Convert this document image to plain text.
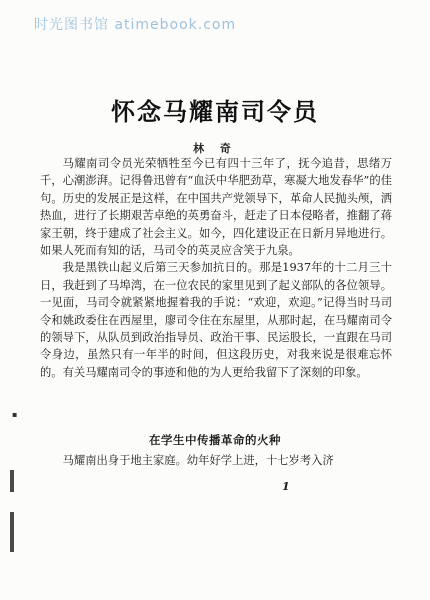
时光图书馆 atimebook.com
怀念马耀南司令员
林 奇

马耀南司令员光荣牺牲至今已有四十三年了，抚今追昔，思绪万千，心潮澎湃。记得鲁迅曾有“血沃中华肥劲草，寒凝大地发春华”的佳句。历史的发展正是这样，在中国共产党领导下，革命人民抛头颅，洒热血，进行了长期艰苦卓绝的英勇奋斗，赶走了日本侵略者，推翻了蒋家王朝，终于建成了社会主义。如今，四化建设正在日新月异地进行。如果人死而有知的话，马司令的英灵应含笑于九泉。

我是黑铁山起义后第三天参加抗日的。那是1937年的十二月三十日，我赶到了马埠湾，在一位农民的家里见到了起义部队的各位领导。一见面，马司令就紧紧地握着我的手说：“欢迎，欢迎。”记得当时马司令和姚政委住在西屋里，廖司令住在东屋里，从那时起，在马耀南司令的领导下，从队员到政治指导员、政治干事、民运股长，一直跟在马司令身边，虽然只有一年半的时间，但这段历史，对我来说是很难忘怀的。有关马耀南司令的事迹和他的为人更给我留下了深刻的印象。

在学生中传播革命的火种

马耀南出身于地主家庭。幼年好学上进，十七岁考入济

1
▪
